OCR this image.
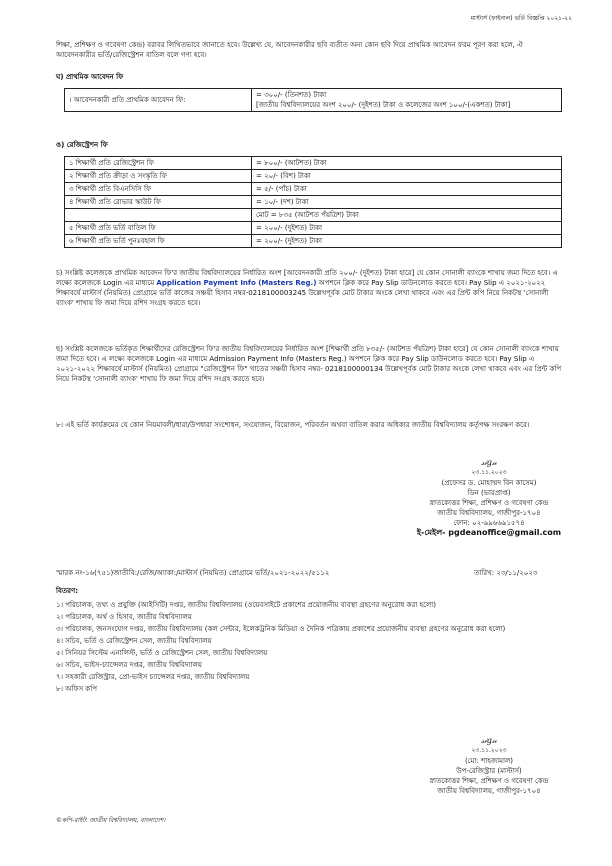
মাস্টার্স (ফাইনাল) ভর্তি বিজ্ঞপ্তি ২০২১-২২
শিক্ষা, প্রশিক্ষণ ও গবেষণা কেন্দ্র) বরাবর লিখিতভাবে জানাতে হবে। উল্লেখ্য যে, আবেদনকারীর ছবি ব্যতীত অন্য কোন ছবি দিয়ে প্রাথমিক আবেদন ফরম পূরণ করা হলে, ঐ আবেদনকারীর ভর্তি/রেজিস্ট্রেশন বাতিল বলে গণ্য হবে।
ঘ) প্রাথমিক আবেদন ফি
। আবেদনকারী প্রতি প্রাথমিক আবেদন ফি:	
= ৩০০/- (তিনশত) টাকা
[জাতীয় বিশ্ববিদ্যালয়ের অংশ ২০০/- (দুইশত) টাকা ও কলেজের অংশ ১০০/-(একশত) টাকা]
ঙ) রেজিস্ট্রেশন ফি
১ শিক্ষার্থী প্রতি রেজিস্ট্রেশন ফি	= ৮০০/- (আটশত) টাকা
২ শিক্ষার্থী প্রতি ক্রীড়া ও সংস্কৃতি ফি	= ২০/- (বিশ) টাকা
৩ শিক্ষার্থী প্রতি বিএনসিসি ফি	= ৫/- (পাঁচ) টাকা
৪ শিক্ষার্থী প্রতি রোভার স্কাউট ফি	= ১০/- (দশ) টাকা
	মোট = ৮৩৫ (আটশত পঁয়ত্রিশ) টাকা
৫ শিক্ষার্থী প্রতি ভর্তি বাতিল ফি	= ২০০/- (দুইশত) টাকা
৬ শিক্ষার্থী প্রতি ভর্তি পুনঃবহাল ফি	= ২০০/- (দুইশত) টাকা
চ) সংশ্লিষ্ট কলেজকে প্রাথমিক আবেদন ফি'র জাতীয় বিশ্ববিদ্যালয়ের নির্ধারিত অংশ [আবেদনকারী প্রতি ২০০/- (দুইশত) টাকা হারে] যে কোন সোনালী ব্যাংকে শাখায় জমা দিতে হবে। এ লক্ষ্যে কলেজকে Login এর মাধ্যমে Application Payment Info (Masters Reg.) অপশনে ক্লিক করে Pay Slip ডাউনলোড করতে হবে। Pay Slip এ ২০২১-২০২২ শিক্ষাবর্ষে মাস্টার্স (নিয়মিত) প্রোগ্রামে ভর্তি কাজের সঞ্চয়ী হিসাব নম্বর-0218100003245 উল্লেখপূর্বক মোট টাকার অংকে লেখা থাকবে এবং এর প্রিন্ট কপি নিয়ে নিকটস্থ 'সোনালী ব্যাংক' শাখায় ফি জমা দিয়ে রশিদ সংগ্রহ করতে হবে।
ছ) সংশ্লিষ্ট কলেজকে ভর্তিকৃত শিক্ষার্থীদের রেজিস্ট্রেশন ফি'র জাতীয় বিশ্ববিদ্যালয়ের নির্ধারিত অংশ [শিক্ষার্থী প্রতি ৮৩৫/- (আটশত পঁয়ত্রিশ) টাকা হারে] যে কোন সোনালী ব্যাংকে শাখায় জমা দিতে হবে। এ লক্ষ্যে কলেজকে Login এর মাধ্যমে Admission Payment Info (Masters Reg.) অপশনে ক্লিক করে Pay Slip ডাউনলোড করতে হবে। Pay Slip এ ২০২১-২০২২ শিক্ষাবর্ষে মাস্টার্স (নিয়মিত) প্রোগ্রামে "রেজিস্ট্রেশন ফি" খাতের সঞ্চয়ী হিসাব নম্বর- 0218100000134 উল্লেখপূর্বক মোট টাকার অংকে লেখা থাকবে এবং এর প্রিন্ট কপি নিয়ে নিকটস্থ 'সোনালী ব্যাংক' শাখায় ফি জমা দিয়ে রশিদ সংগ্রহ করতে হবে।
৮। এই ভর্তি কার্যক্রমের যে কোন নিয়মাবলী/ধারা/উপধারা সংশোধন, সংযোজন, বিয়োজন, পরিবর্তন অথবা বাতিল করার অধিকার জাতীয় বিশ্ববিদ্যালয় কর্তৃপক্ষ সংরক্ষণ করে।
𝓈𝒾𝑔𝓃
২৩.১১.২০২৩
(প্রফেসর ড. মোহাম্মদ বিন কাসেম)
ডিন (ভারপ্রাপ্ত)
স্নাতকোত্তর শিক্ষা, প্রশিক্ষণ ও গবেষণা কেন্দ্র
জাতীয় বিশ্ববিদ্যালয়, গাজীপুর-১৭০৪
ফোন: ০২-৯৯৬৬৯১৫৭৪
ই-মেইল- pgdeanoffice@gmail.com
স্মারক নং-১৬(৭৫১)জাতীবি:/রেজি/অ্যাকা:/মাস্টার্স (নিয়মিত) প্রোগ্রামে ভর্তি/২০২১-২০২২/৫১১২	তারিখ: ২৩/১১/২০২৩
বিতরণ:
১। পরিচালক, তথ্য ও প্রযুক্তি (আইসিটি) দপ্তর, জাতীয় বিশ্ববিদ্যালয় (ওয়েবসাইটে প্রকাশের প্রয়োজনীয় ব্যবস্থা গ্রহণের অনুরোধ করা হলো)
২। পরিচালক, অর্থ ও হিসাব, জাতীয় বিশ্ববিদ্যালয়
৩। পরিচালক, জনসংযোগ দপ্তর, জাতীয় বিশ্ববিদ্যালয় (কল সেন্টার, ইলেকট্রনিক মিডিয়া ও দৈনিক পত্রিকায় প্রকাশের প্রয়োজনীয় ব্যবস্থা গ্রহণের অনুরোধ করা হলো)
৪। সচিব, ভর্তি ও রেজিস্ট্রেশন সেল, জাতীয় বিশ্ববিদ্যালয়
৫। সিনিয়র সিস্টেম এনালিস্ট, ভর্তি ও রেজিস্ট্রেশন সেল, জাতীয় বিশ্ববিদ্যালয়
৬। সচিব, ভাইস-চ্যান্সেলর দপ্তর, জাতীয় বিশ্ববিদ্যালয়
৭। সহকারী রেজিস্ট্রার, প্রো-ভাইস চ্যান্সেলর দপ্তর, জাতীয় বিশ্ববিদ্যালয়
৮। অফিস কপি
𝓈𝒾𝑔𝓃
২৩.১১.২০২৩
(মো: শাহজামাল)
উপ-রেজিস্ট্রার (মাস্টার্স)
স্নাতকোত্তর শিক্ষা, প্রশিক্ষণ ও গবেষণা কেন্দ্র
জাতীয় বিশ্ববিদ্যালয়, গাজীপুর-১৭০৪
©কপি-রাইট: জাতীয় বিশ্ববিদ্যালয়, বাংলাদেশ।
